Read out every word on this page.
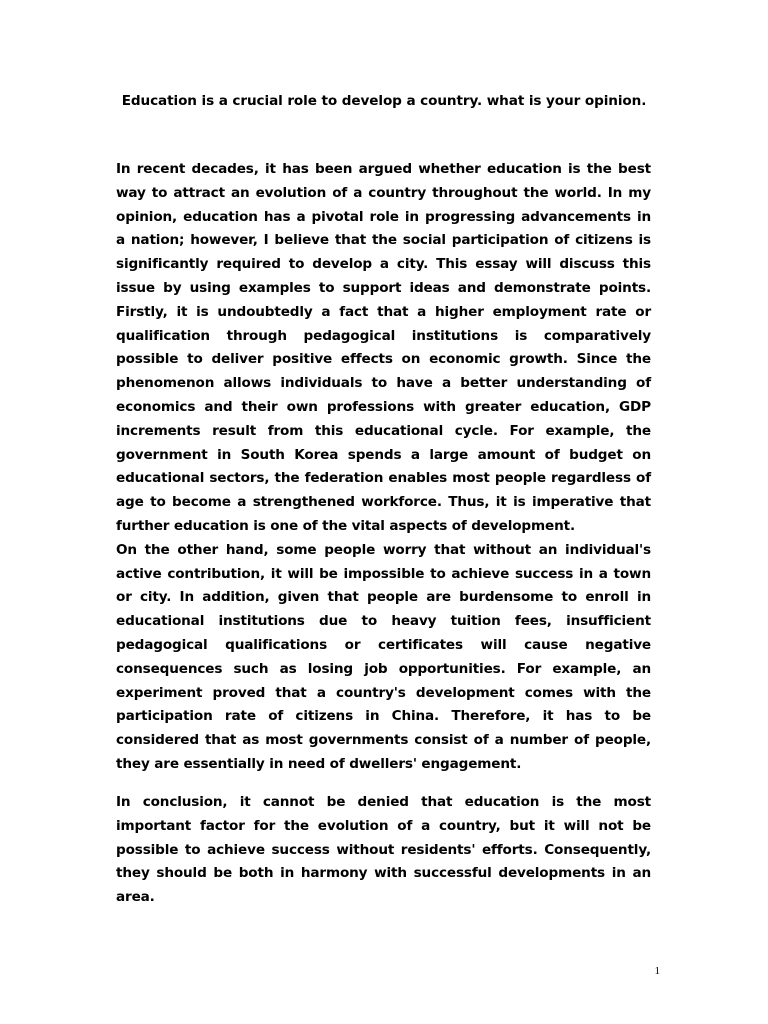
Education is a crucial role to develop a country. what is your opinion.

In recent decades, it has been argued whether education is the best way to attract an evolution of a country throughout the world. In my opinion, education has a pivotal role in progressing advancements in a nation; however, I believe that the social participation of citizens is significantly required to develop a city. This essay will discuss this issue by using examples to support ideas and demonstrate points. Firstly, it is undoubtedly a fact that a higher employment rate or qualification through pedagogical institutions is comparatively possible to deliver positive effects on economic growth. Since the phenomenon allows individuals to have a better understanding of economics and their own professions with greater education, GDP increments result from this educational cycle. For example, the government in South Korea spends a large amount of budget on educational sectors, the federation enables most people regardless of age to become a strengthened workforce. Thus, it is imperative that further education is one of the vital aspects of development.

On the other hand, some people worry that without an individual's active contribution, it will be impossible to achieve success in a town or city. In addition, given that people are burdensome to enroll in educational institutions due to heavy tuition fees, insufficient pedagogical qualifications or certificates will cause negative consequences such as losing job opportunities. For example, an experiment proved that a country's development comes with the participation rate of citizens in China. Therefore, it has to be considered that as most governments consist of a number of people, they are essentially in need of dwellers' engagement.

In conclusion, it cannot be denied that education is the most important factor for the evolution of a country, but it will not be possible to achieve success without residents' efforts. Consequently, they should be both in harmony with successful developments in an area.

1
